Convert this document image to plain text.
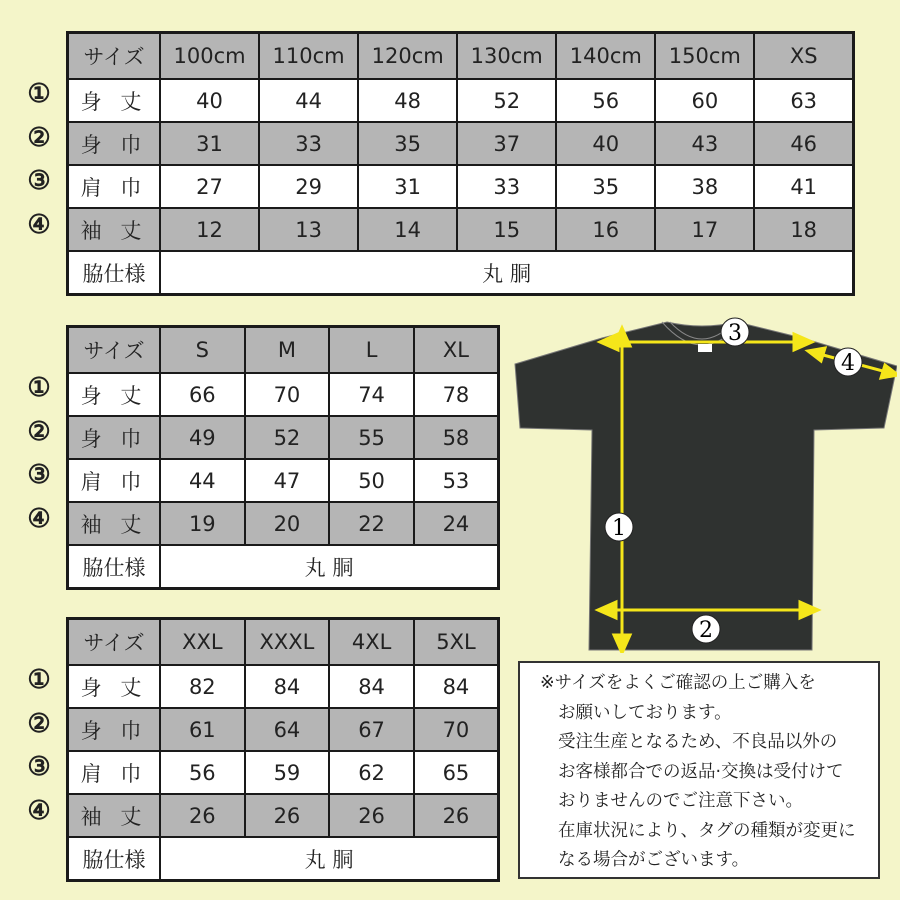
サイズ	100cm	110cm	120cm	130cm	140cm	150cm	XS
身 丈	40	44	48	52	56	60	63
身 巾	31	33	35	37	40	43	46
肩 巾	27	29	31	33	35	38	41
袖 丈	12	13	14	15	16	17	18
脇仕様	丸 胴						
①
②
③
④
サイズ	S	M	L	XL
身 丈	66	70	74	78
身 巾	49	52	55	58
肩 巾	44	47	50	53
袖 丈	19	20	22	24
脇仕様	丸 胴			
①
②
③
④
サイズ	XXL	XXXL	4XL	5XL
身 丈	82	84	84	84
身 巾	61	64	67	70
肩 巾	56	59	62	65
袖 丈	26	26	26	26
脇仕様	丸 胴			
①
②
③
④
1
2
3
4
※サイズをよくご確認の上ご購入を
お願いしております。
受注生産となるため、不良品以外の
お客様都合での返品·交換は受付けて
おりませんのでご注意下さい。
在庫状況により、タグの種類が変更に
なる場合がございます。
